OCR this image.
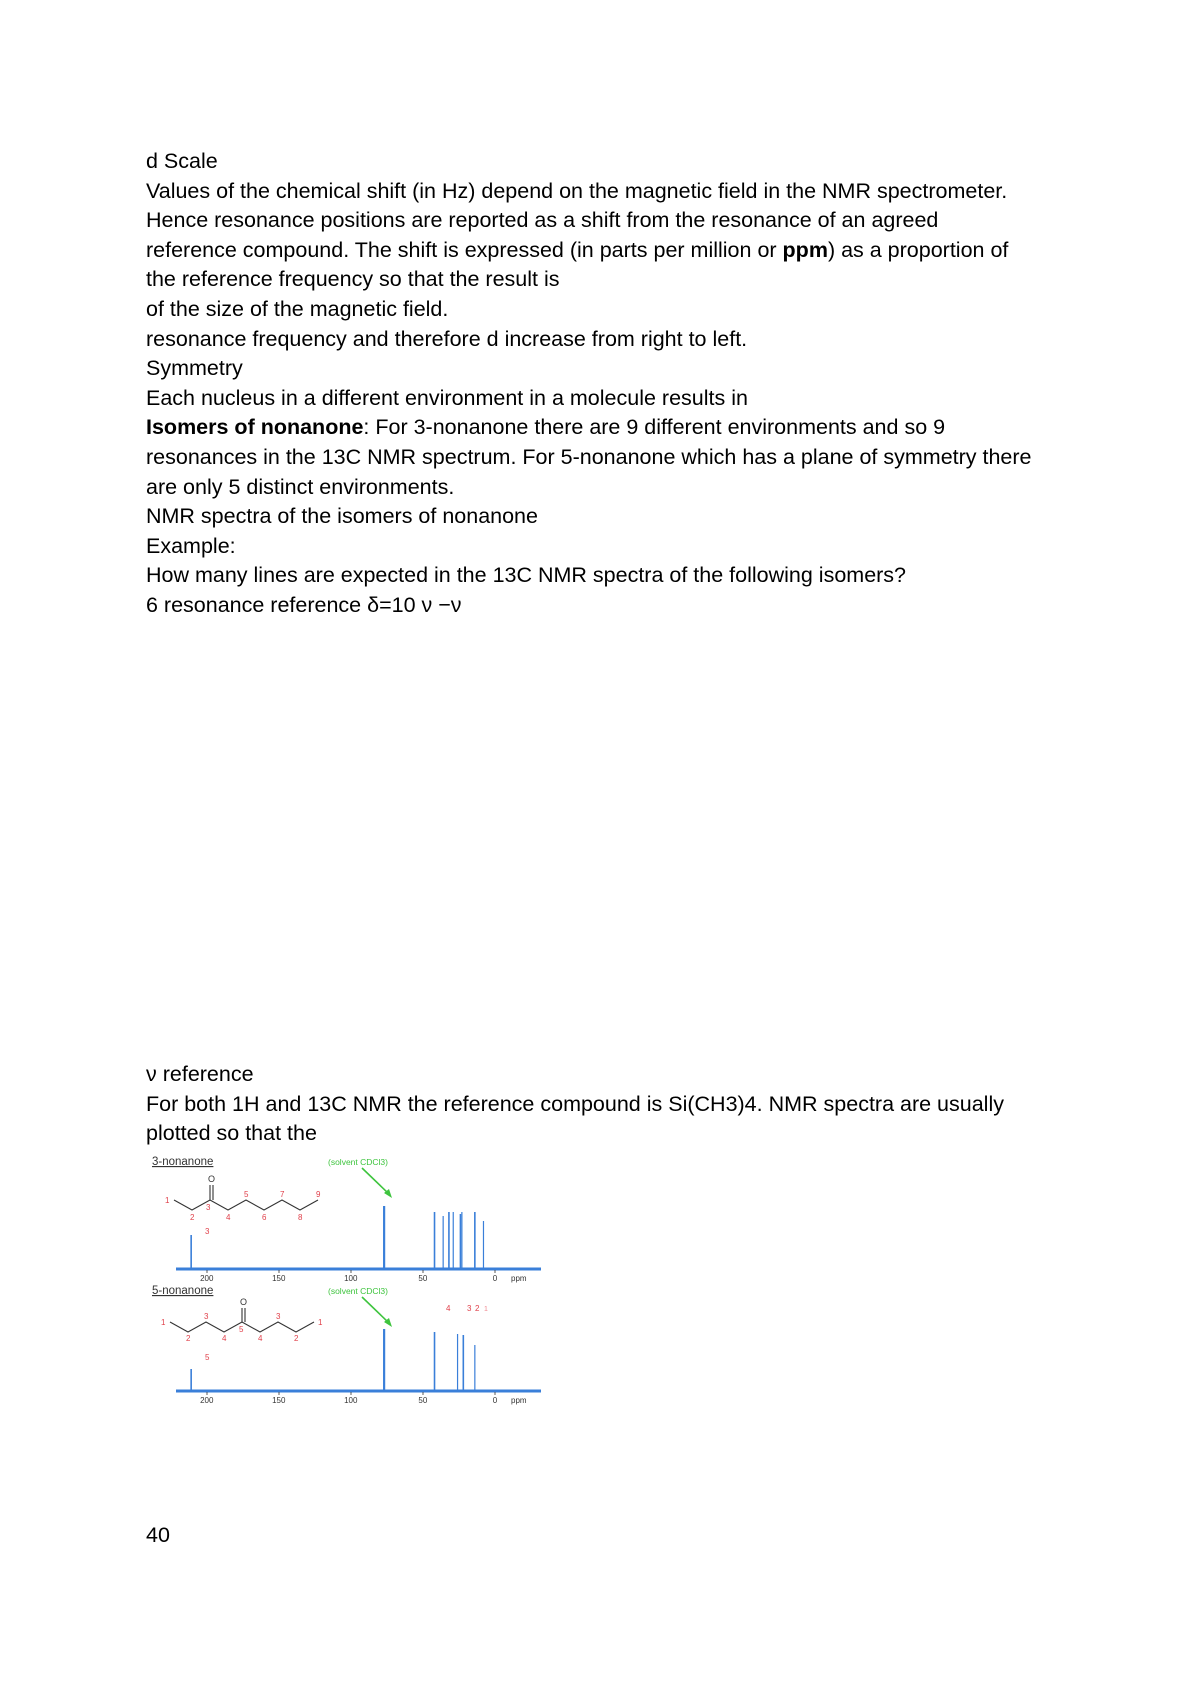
d Scale

Values of the chemical shift (in Hz) depend on the magnetic field in the NMR spectrometer.

Hence resonance positions are reported as a shift from the resonance of an agreed

reference compound. The shift is expressed (in parts per million or ppm) as a proportion of

the reference frequency so that the result is

of the size of the magnetic field.

resonance frequency and therefore d increase from right to left.

Symmetry

Each nucleus in a different environment in a molecule results in

Isomers of nonanone: For 3-nonanone there are 9 different environments and so 9

resonances in the 13C NMR spectrum. For 5-nonanone which has a plane of symmetry there

are only 5 distinct environments.

NMR spectra of the isomers of nonanone

Example:

How many lines are expected in the 13C NMR spectra of the following isomers?

6 resonance reference δ=10 ν −ν

ν reference

For both 1H and 13C NMR the reference compound is Si(CH3)4. NMR spectra are usually

plotted so that the

3-nonanone	(solvent CDCl3)
O
1
2
3
4
5
6
7
8
9
3
200	150	100	50	0 ppm
5-nonanone	(solvent CDCl3)
O
1
2
3
4
5
4
3
2
1
5
4 3 2 1
200	150	100	50	0 ppm
40
